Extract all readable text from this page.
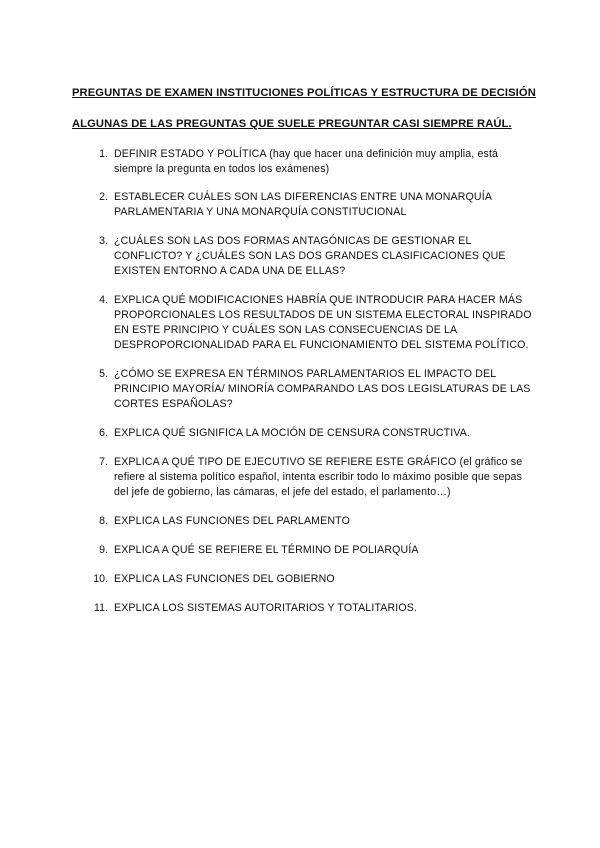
PREGUNTAS DE EXAMEN INSTITUCIONES POLÍTICAS Y ESTRUCTURA DE DECISIÓN
ALGUNAS DE LAS PREGUNTAS QUE SUELE PREGUNTAR CASI SIEMPRE RAÚL.
1. DEFINIR ESTADO Y POLÍTICA (hay que hacer una definición muy amplia, está siempre la pregunta en todos los exámenes)
2. ESTABLECER CUÁLES SON LAS DIFERENCIAS ENTRE UNA MONARQUÍA PARLAMENTARIA Y UNA MONARQUÍA CONSTITUCIONAL
3. ¿CUÁLES SON LAS DOS FORMAS ANTAGÓNICAS DE GESTIONAR EL CONFLICTO? Y ¿CUÁLES SON LAS DOS GRANDES CLASIFICACIONES QUE EXISTEN ENTORNO A CADA UNA DE ELLAS?
4. EXPLICA QUÉ MODIFICACIONES HABRÍA QUE INTRODUCIR PARA HACER MÁS PROPORCIONALES LOS RESULTADOS DE UN SISTEMA ELECTORAL INSPIRADO EN ESTE PRINCIPIO Y CUÁLES SON LAS CONSECUENCIAS DE LA DESPROPORCIONALIDAD PARA EL FUNCIONAMIENTO DEL SISTEMA POLÍTICO.
5. ¿CÓMO SE EXPRESA EN TÉRMINOS PARLAMENTARIOS EL IMPACTO DEL PRINCIPIO MAYORÍA/ MINORÍA COMPARANDO LAS DOS LEGISLATURAS DE LAS CORTES ESPAÑOLAS?
6. EXPLICA QUÉ SIGNIFICA LA MOCIÓN DE CENSURA CONSTRUCTIVA.
7. EXPLICA A QUÉ TIPO DE EJECUTIVO SE REFIERE ESTE GRÁFICO (el gráfico se refiere al sistema político español, intenta escribir todo lo máximo posible que sepas del jefe de gobierno, las cámaras, el jefe del estado, el parlamento…)
8. EXPLICA LAS FUNCIONES DEL PARLAMENTO
9. EXPLICA A QUÉ SE REFIERE EL TÉRMINO DE POLIARQUÍA
10. EXPLICA LAS FUNCIONES DEL GOBIERNO
11. EXPLICA LOS SISTEMAS AUTORITARIOS Y TOTALITARIOS.
